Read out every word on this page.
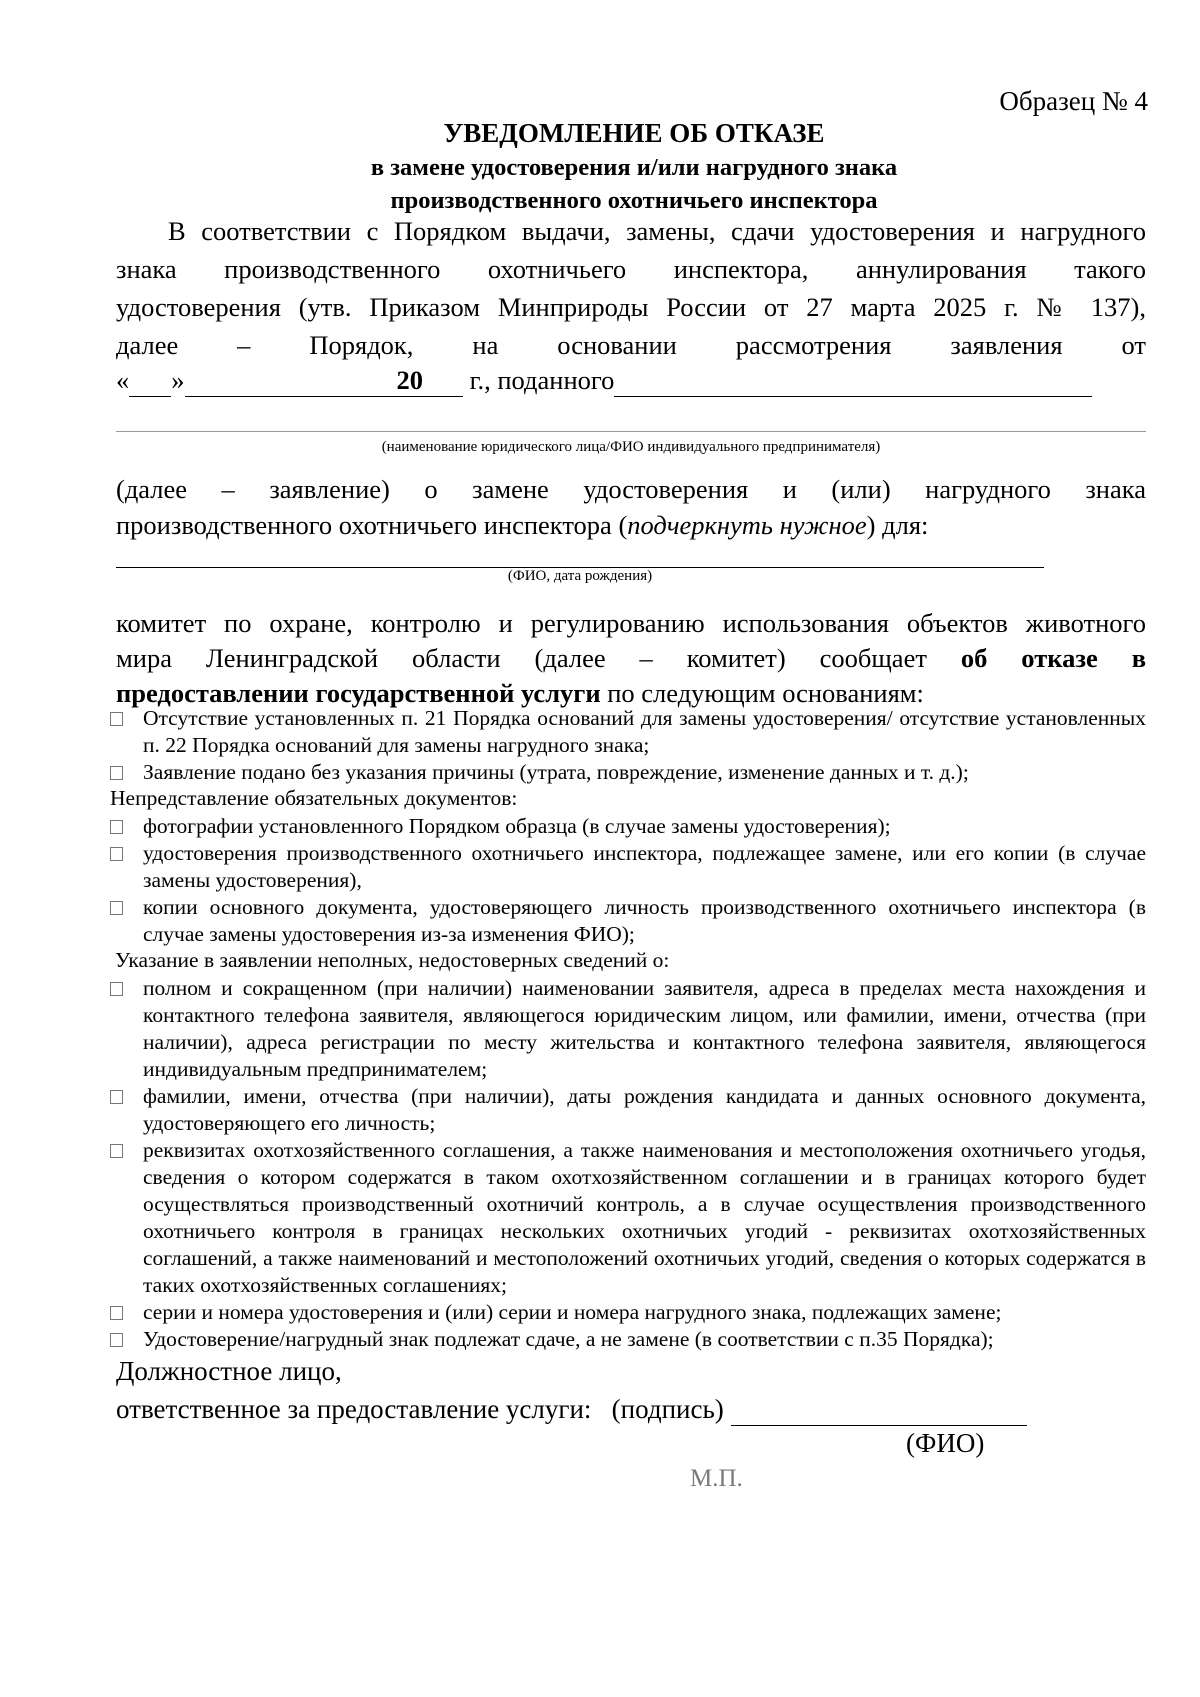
Образец № 4
УВЕДОМЛЕНИЕ ОБ ОТКАЗЕ
в замене удостоверения и/или нагрудного знака
производственного охотничьего инспектора
В соответствии с Порядком выдачи, замены, сдачи удостоверения и нагрудного
знака производственного охотничьего инспектора, аннулирования такого
удостоверения (утв. Приказом Минприроды России от 27 марта 2025 г. № 137),
далее – Порядок, на основании рассмотрения заявления от
« »	20 г., поданного
(наименование юридического лица/ФИО индивидуального предпринимателя)
(далее – заявление) о замене удостоверения и (или) нагрудного знака
производственного охотничьего инспектора (подчеркнуть нужное) для:
(ФИО, дата рождения)
комитет по охране, контролю и регулированию использования объектов животного
мира Ленинградской области (далее – комитет) сообщает об отказе в
предоставлении государственной услуги по следующим основаниям:
Отсутствие установленных п. 21 Порядка оснований для замены удостоверения/ отсутствие установленных п. 22 Порядка оснований для замены нагрудного знака;
Заявление подано без указания причины (утрата, повреждение, изменение данных и т. д.);
Непредставление обязательных документов:
фотографии установленного Порядком образца (в случае замены удостоверения);
удостоверения производственного охотничьего инспектора, подлежащее замене, или его копии (в случае замены удостоверения),
копии основного документа, удостоверяющего личность производственного охотничьего инспектора (в случае замены удостоверения из-за изменения ФИО);
Указание в заявлении неполных, недостоверных сведений о:
полном и сокращенном (при наличии) наименовании заявителя, адреса в пределах места нахождения и контактного телефона заявителя, являющегося юридическим лицом, или фамилии, имени, отчества (при наличии), адреса регистрации по месту жительства и контактного телефона заявителя, являющегося индивидуальным предпринимателем;
фамилии, имени, отчества (при наличии), даты рождения кандидата и данных основного документа, удостоверяющего его личность;
реквизитах охотхозяйственного соглашения, а также наименования и местоположения охотничьего угодья, сведения о котором содержатся в таком охотхозяйственном соглашении и в границах которого будет осуществляться производственный охотничий контроль, а в случае осуществления производственного охотничьего контроля в границах нескольких охотничьих угодий - реквизитах охотхозяйственных соглашений, а также наименований и местоположений охотничьих угодий, сведения о которых содержатся в таких охотхозяйственных соглашениях;
серии и номера удостоверения и (или) серии и номера нагрудного знака, подлежащих замене;
Удостоверение/нагрудный знак подлежат сдаче, а не замене (в соответствии с п.35 Порядка);
Должностное лицо,
ответственное за предоставление услуги: (подпись)
(ФИО)
М.П.
